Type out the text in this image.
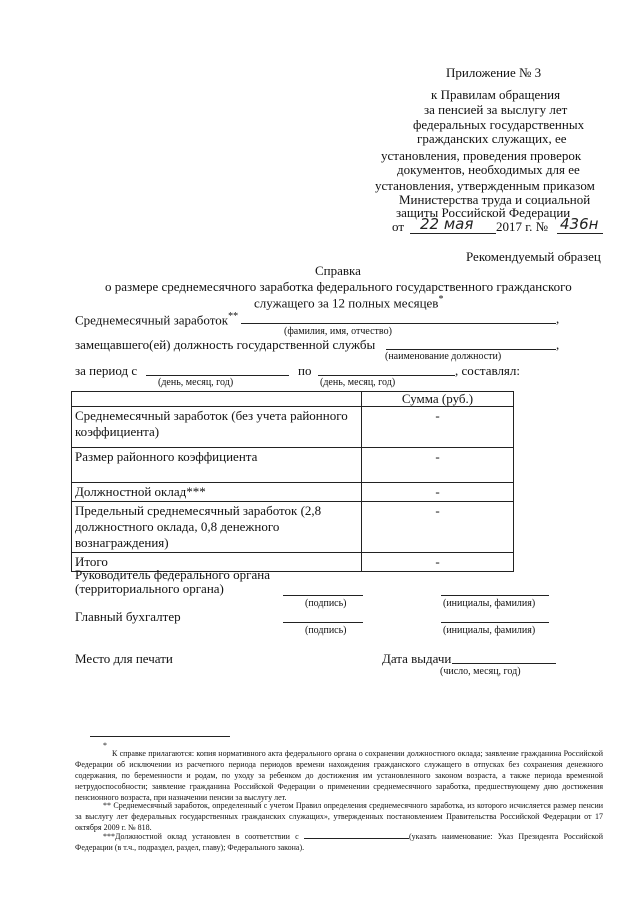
Приложение № 3
к Правилам обращения
за пенсией за выслугу лет
федеральных государственных
гражданских служащих, ее
установления, проведения проверок
документов, необходимых для ее
установления, утвержденным приказом
Министерства труда и социальной
защиты Российской Федерации
от 22 мая 2017 г. № 436н
Рекомендуемый образец
Справка
о размере среднемесячного заработка федерального государственного гражданского
служащего за 12 полных месяцев*
Среднемесячный заработок**	,
(фамилия, имя, отчество)
замещавшего(ей) должность государственной службы	,
(наименование должности)
за период с	по	, составлял:
(день, месяц, год)	(день, месяц, год)
	Сумма (руб.)
Среднемесячный заработок (без учета районного коэффициента)	-
Размер районного коэффициента	-
Должностной оклад***	-
Предельный среднемесячный заработок (2,8 должностного оклада, 0,8 денежного вознаграждения)	-
Итого	-
Руководитель федерального органа
(территориального органа)
(подпись)	(инициалы, фамилия)
Главный бухгалтер
(подпись)	(инициалы, фамилия)
Место для печати	Дата выдачи
(число, месяц, год)
*
К справке прилагаются: копия нормативного акта федерального органа о сохранении должностного оклада; заявление гражданина Российской Федерации об исключении из расчетного периода периодов времени нахождения гражданского служащего в отпусках без сохранения денежного содержания, по беременности и родам, по уходу за ребенком до достижения им установленного законом возраста, а также периода временной нетрудоспособности; заявление гражданина Российской Федерации о применении среднемесячного заработка, предшествующему дню достижения пенсионного возраста, при назначении пенсии за выслугу лет.
** Среднемесячный заработок, определенный с учетом Правил определения среднемесячного заработка, из которого исчисляется размер пенсии за выслугу лет федеральных государственных гражданских служащих», утвержденных постановлением Правительства Российской Федерации от 17 октября 2009 г. № 818.
***Должностной оклад установлен в соответствии с	(указать наименование: Указ Президента Российской Федерации (в т.ч., подраздел, раздел, главу); Федерального закона).
